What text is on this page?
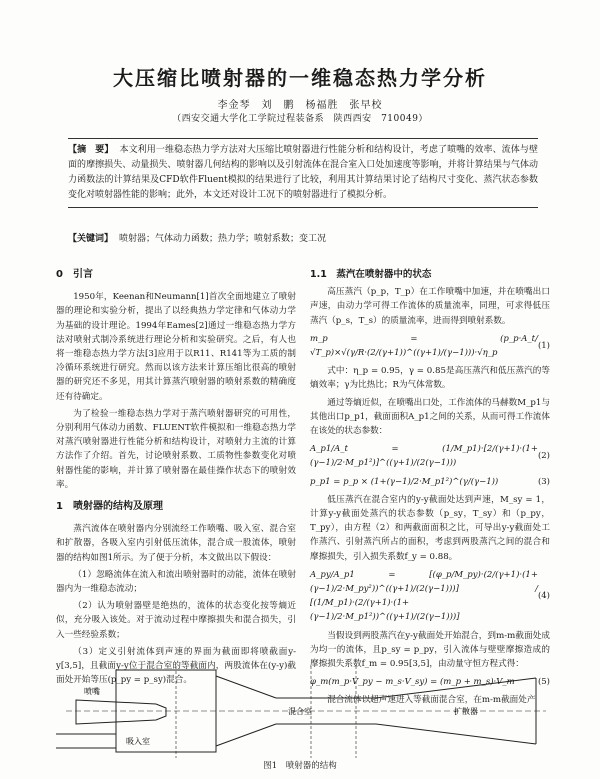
大压缩比喷射器的一维稳态热力学分析
李金琴　刘　鹏　杨福胜　张早校
（西安交通大学化工学院过程装备系　陕西西安　710049）
【摘　要】 本文利用一维稳态热力学方法对大压缩比喷射器进行性能分析和结构设计，考虑了喷嘴的效率、流体与壁面的摩擦损失、动量损失、喷射器几何结构的影响以及引射流体在混合室入口处加速度等影响，并将计算结果与气体动力函数法的计算结果及CFD软件Fluent模拟的结果进行了比较，利用其计算结果讨论了结构尺寸变化、蒸汽状态参数变化对喷射器性能的影响；此外，本文还对设计工况下的喷射器进行了模拟分析。
【关键词】 喷射器；气体动力函数；热力学；喷射系数；变工况
0　引言

1950年，Keenan和Neumann[1]首次全面地建立了喷射器的理论和实验分析，提出了以经典热力学定律和气体动力学为基础的设计理论。1994年Eames[2]通过一维稳态热力学方法对喷射式制冷系统进行理论分析和实验研究。之后，有人也将一维稳态热力学方法[3]应用于以R11、R141等为工质的制冷循环系统进行研究。然而以该方法来计算压缩比很高的喷射器的研究还不多见，用其计算蒸汽喷射器的喷射系数的精确度还有待确定。

为了检验一维稳态热力学对于蒸汽喷射器研究的可用性，分别利用气体动力函数、FLUENT软件模拟和一维稳态热力学对蒸汽喷射器进行性能分析和结构设计，对喷射力主流的计算方法作了介绍。首先，讨论喷射系数、工质物性参数变化对喷射器性能的影响，并计算了喷射器在最佳操作状态下的喷射效率。

1　喷射器的结构及原理

蒸汽流体在喷射器内分别流经工作喷嘴、吸入室、混合室和扩散器，各吸入室内引射低压流体，混合成一股流体，喷射器的结构如图1所示。为了便于分析，本文做出以下假设：

（1）忽略流体在流入和流出喷射器时的动能，流体在喷射器内为一维稳态流动；

（2）认为喷射器壁是绝热的，流体的状态变化按等熵近似，充分吸入该处。对于流动过程中摩擦损失和混合损失，引入一些经验系数；

（3）定义引射流体到声速的界面为截面即将喷截面y-y[3,5]，且截面y-y位于混合室的等截面内，两股流体在(y-y)截面处开始等压(p_py = p_sy)混合。

1.1　蒸汽在喷射器中的状态

高压蒸汽（p_p，T_p）在工作喷嘴中加速，并在喷嘴出口声速，由动力学可得工作流体的质量流率，同理，可求得低压蒸汽（p_s，T_s）的质量流率，进而得到喷射系数。

m_p = (p_p·A_t/√T_p)×√(γ/R·(2/(γ+1))^((γ+1)/(γ−1)))·√η_p
(1)

式中：η_p = 0.95，γ = 0.85是高压蒸汽和低压蒸汽的等熵效率；γ为比热比；R为气体常数。

通过等熵近似，在喷嘴出口处，工作流体的马赫数M_p1与其他出口p_p1，截面面积A_p1之间的关系，从而可得工作流体在该处的状态参数：

A_p1/A_t = (1/M_p1)·[2/(γ+1)·(1+(γ−1)/2·M_p1²)]^((γ+1)/(2(γ−1)))
(2)
p_p1 = p_p × (1+(γ−1)/2·M_p1²)^(γ/(γ−1))	(3)

低压蒸汽在混合室内的y-y截面处达到声速，M_sy = 1，计算y-y截面处蒸汽的状态参数（p_sy，T_sy）和（p_py，T_py），由方程（2）和两截面面积之比，可导出y-y截面处工作蒸汽、引射蒸汽所占的面积，考虑到两股蒸汽之间的混合和摩擦损失，引入损失系数f_y = 0.88。

A_py/A_p1 = [(φ_p/M_py)·(2/(γ+1)·(1+(γ−1)/2·M_py²))^((γ+1)/(2(γ−1)))] / [(1/M_p1)·(2/(γ+1)·(1+(γ−1)/2·M_p1²))^((γ+1)/(2(γ−1)))]
(4)

当假设到两股蒸汽在y-y截面处开始混合，到m-m截面处成为均一的流体，且p_sy = p_py，引入流体与壁壁摩擦造成的摩擦损失系数f_m = 0.95[3,5]，由动量守恒方程式得：

φ_m(m_p·V_py − m_s·V_sy) = (m_p + m_s)·V_m	(5)

混合流体以超声速进入等截面混合室，在m-m截面处产

喷嘴
吸入室
混合室	扩散器
图1　喷射器的结构
